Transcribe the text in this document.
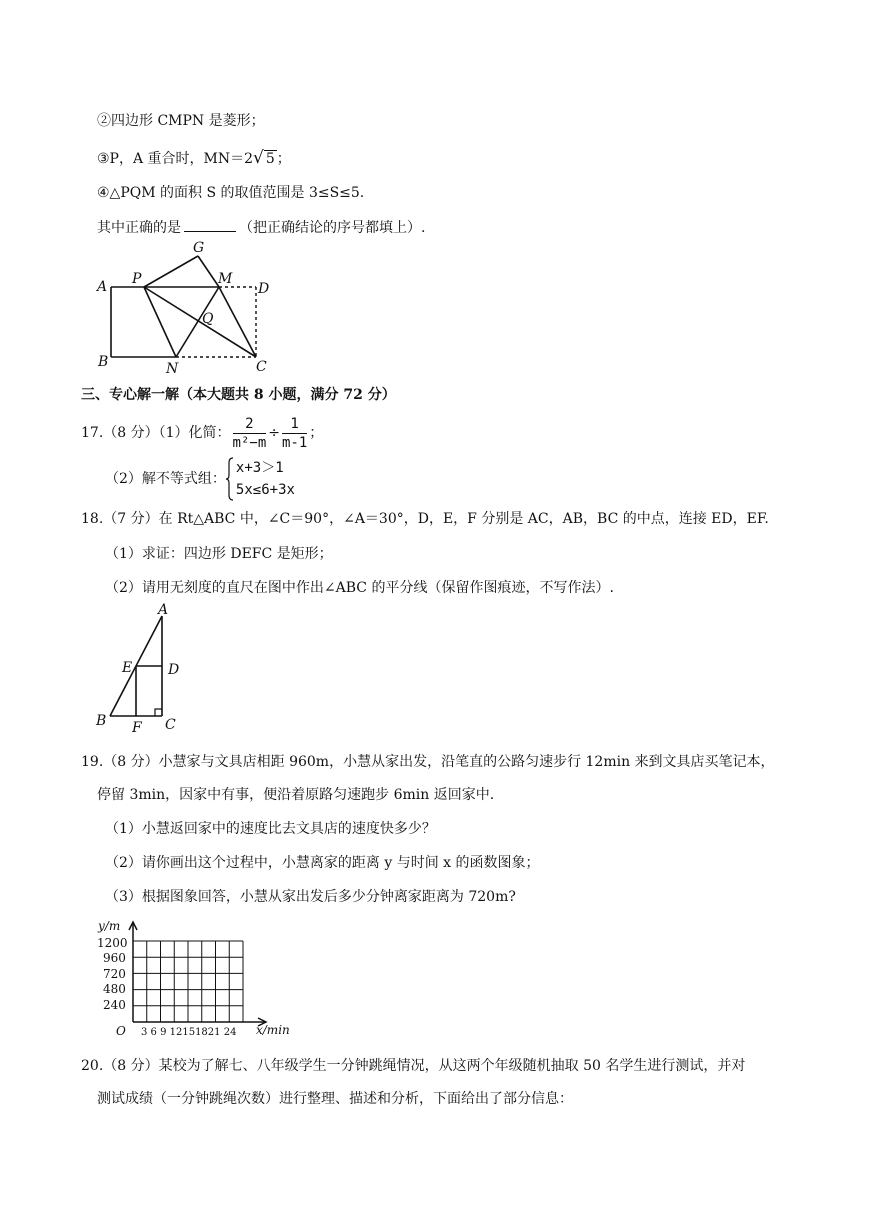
②四边形 CMPN 是菱形；
③P，A 重合时，MN＝2√ 5 ；
④△PQM 的面积 S 的取值范围是 3≤S≤5.
其中正确的是	（把正确结论的序号都填上）.
A P
G
M
D
Q
B	N	C
三、专心解一解（本大题共 8 小题，满分 72 分）
17.（8 分）（1）化简： $\frac{2}{\text{m²−m}} \div \frac{1}{m-1}$ ；
（2）解不等式组：
x+3＞1
5x≤6+3x
18.（7 分）在 Rt△ABC 中，∠C＝90°，∠A＝30°，D，E，F 分别是 AC，AB，BC 的中点，连接 ED，EF.
（1）求证：四边形 DEFC 是矩形；
（2）请用无刻度的直尺在图中作出∠ABC 的平分线（保留作图痕迹，不写作法）.
A
E	D
B F C
19.（8 分）小慧家与文具店相距 960m，小慧从家出发，沿笔直的公路匀速步行 12min 来到文具店买笔记本，
停留 3min，因家中有事，便沿着原路匀速跑步 6min 返回家中.
（1）小慧返回家中的速度比去文具店的速度快多少？
（2）请你画出这个过程中，小慧离家的距离 y 与时间 x 的函数图象；
（3）根据图象回答，小慧从家出发后多少分钟离家距离为 720m?
y/m
x/min
O
1200
960
720
480
240
3 6 9 12151821 24
20.（8 分）某校为了解七、八年级学生一分钟跳绳情况，从这两个年级随机抽取 50 名学生进行测试，并对
测试成绩（一分钟跳绳次数）进行整理、描述和分析，下面给出了部分信息：
